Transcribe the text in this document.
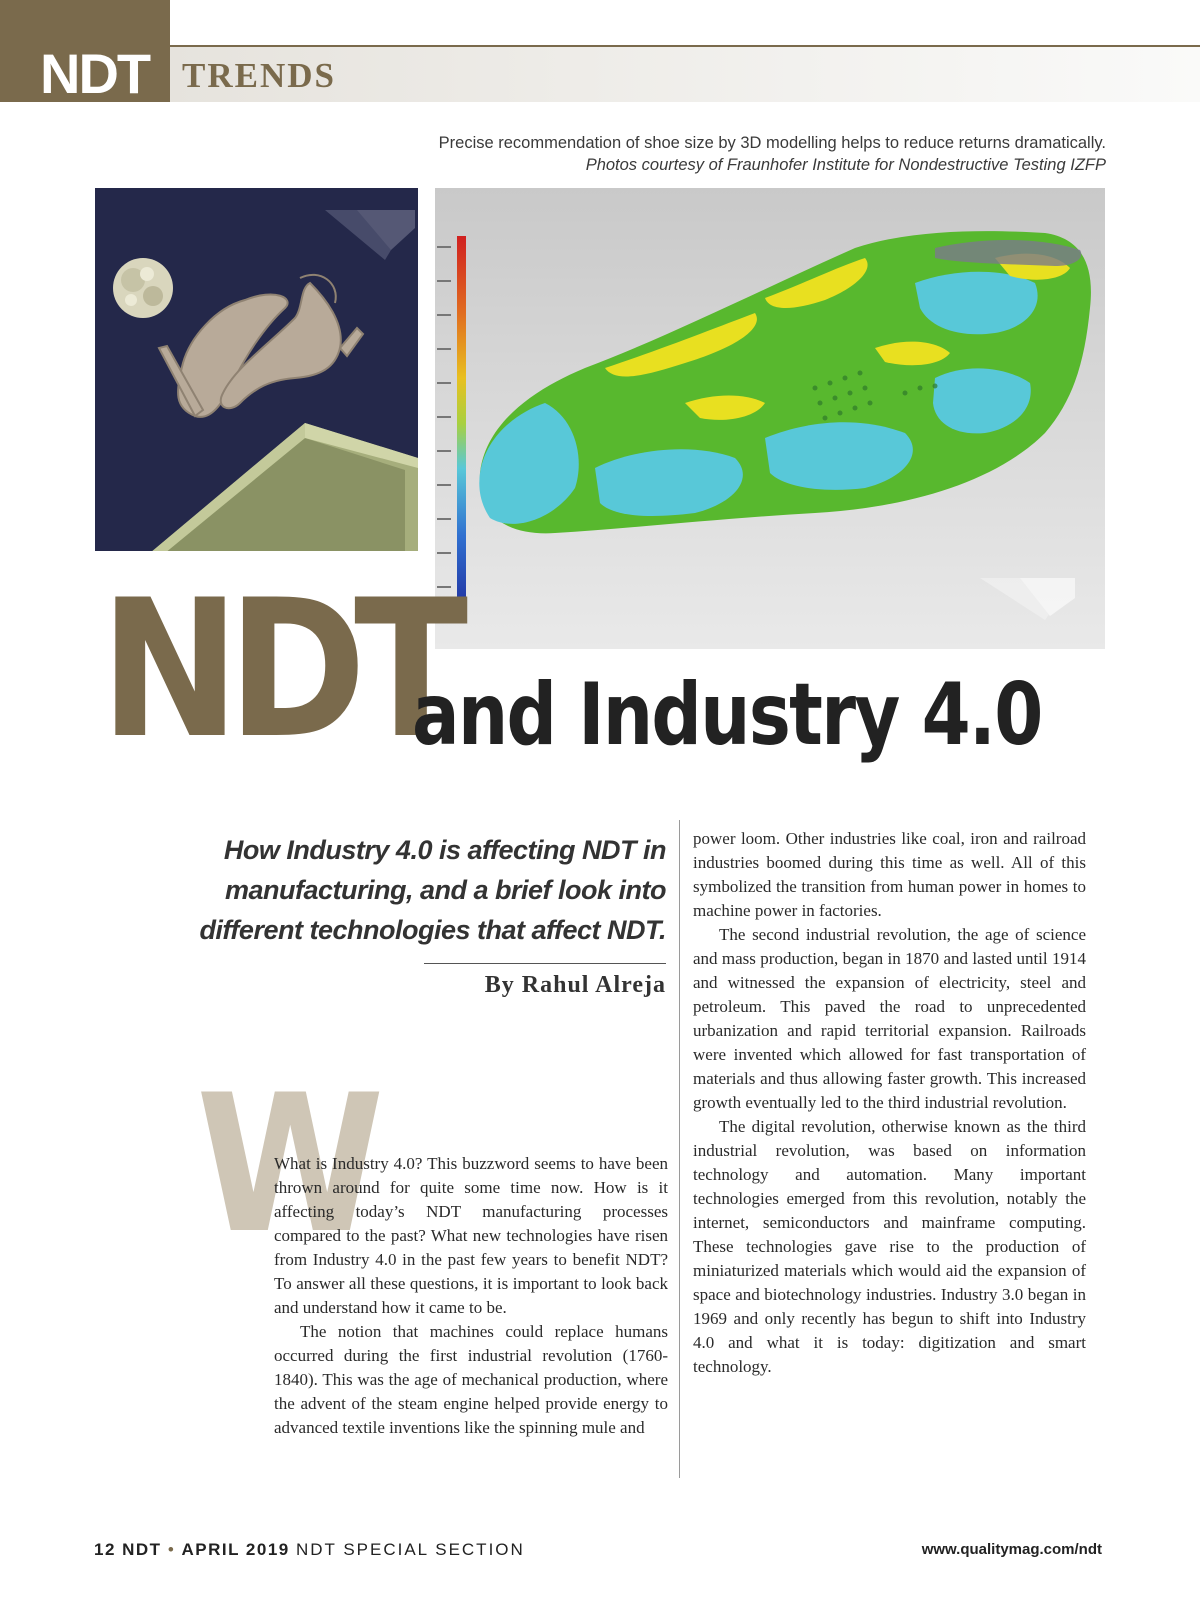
NDT TRENDS
Precise recommendation of shoe size by 3D modelling helps to reduce returns dramatically.
Photos courtesy of Fraunhofer Institute for Nondestructive Testing IZFP
NDT
and Industry 4.0
How Industry 4.0 is affecting NDT in manufacturing, and a brief look into different technologies that affect NDT.
By Rahul Alreja
W

What is Industry 4.0? This buzzword seems to have been thrown around for quite some time now. How is it affecting today’s NDT manufacturing processes compared to the past? What new technologies have risen from Industry 4.0 in the past few years to benefit NDT? To answer all these questions, it is important to look back and understand how it came to be.

The notion that machines could replace humans occurred during the first industrial revolution (1760-1840). This was the age of mechanical production, where the advent of the steam engine helped provide energy to advanced textile inventions like the spinning mule and

power loom. Other industries like coal, iron and railroad industries boomed during this time as well. All of this symbolized the transition from human power in homes to machine power in factories.

The second industrial revolution, the age of science and mass production, began in 1870 and lasted until 1914 and witnessed the expansion of electricity, steel and petroleum. This paved the road to unprecedented urbanization and rapid territorial expansion. Railroads were invented which allowed for fast transportation of materials and thus allowing faster growth. This increased growth eventually led to the third industrial revolution.

The digital revolution, otherwise known as the third industrial revolution, was based on information technology and automation. Many important technologies emerged from this revolution, notably the internet, semiconductors and mainframe computing. These technologies gave rise to the production of miniaturized materials which would aid the expansion of space and biotechnology industries. Industry 3.0 began in 1969 and only recently has begun to shift into Industry 4.0 and what it is today: digitization and smart technology.

12 NDT • APRIL 2019 NDT SPECIAL SECTION	www.qualitymag.com/ndt
